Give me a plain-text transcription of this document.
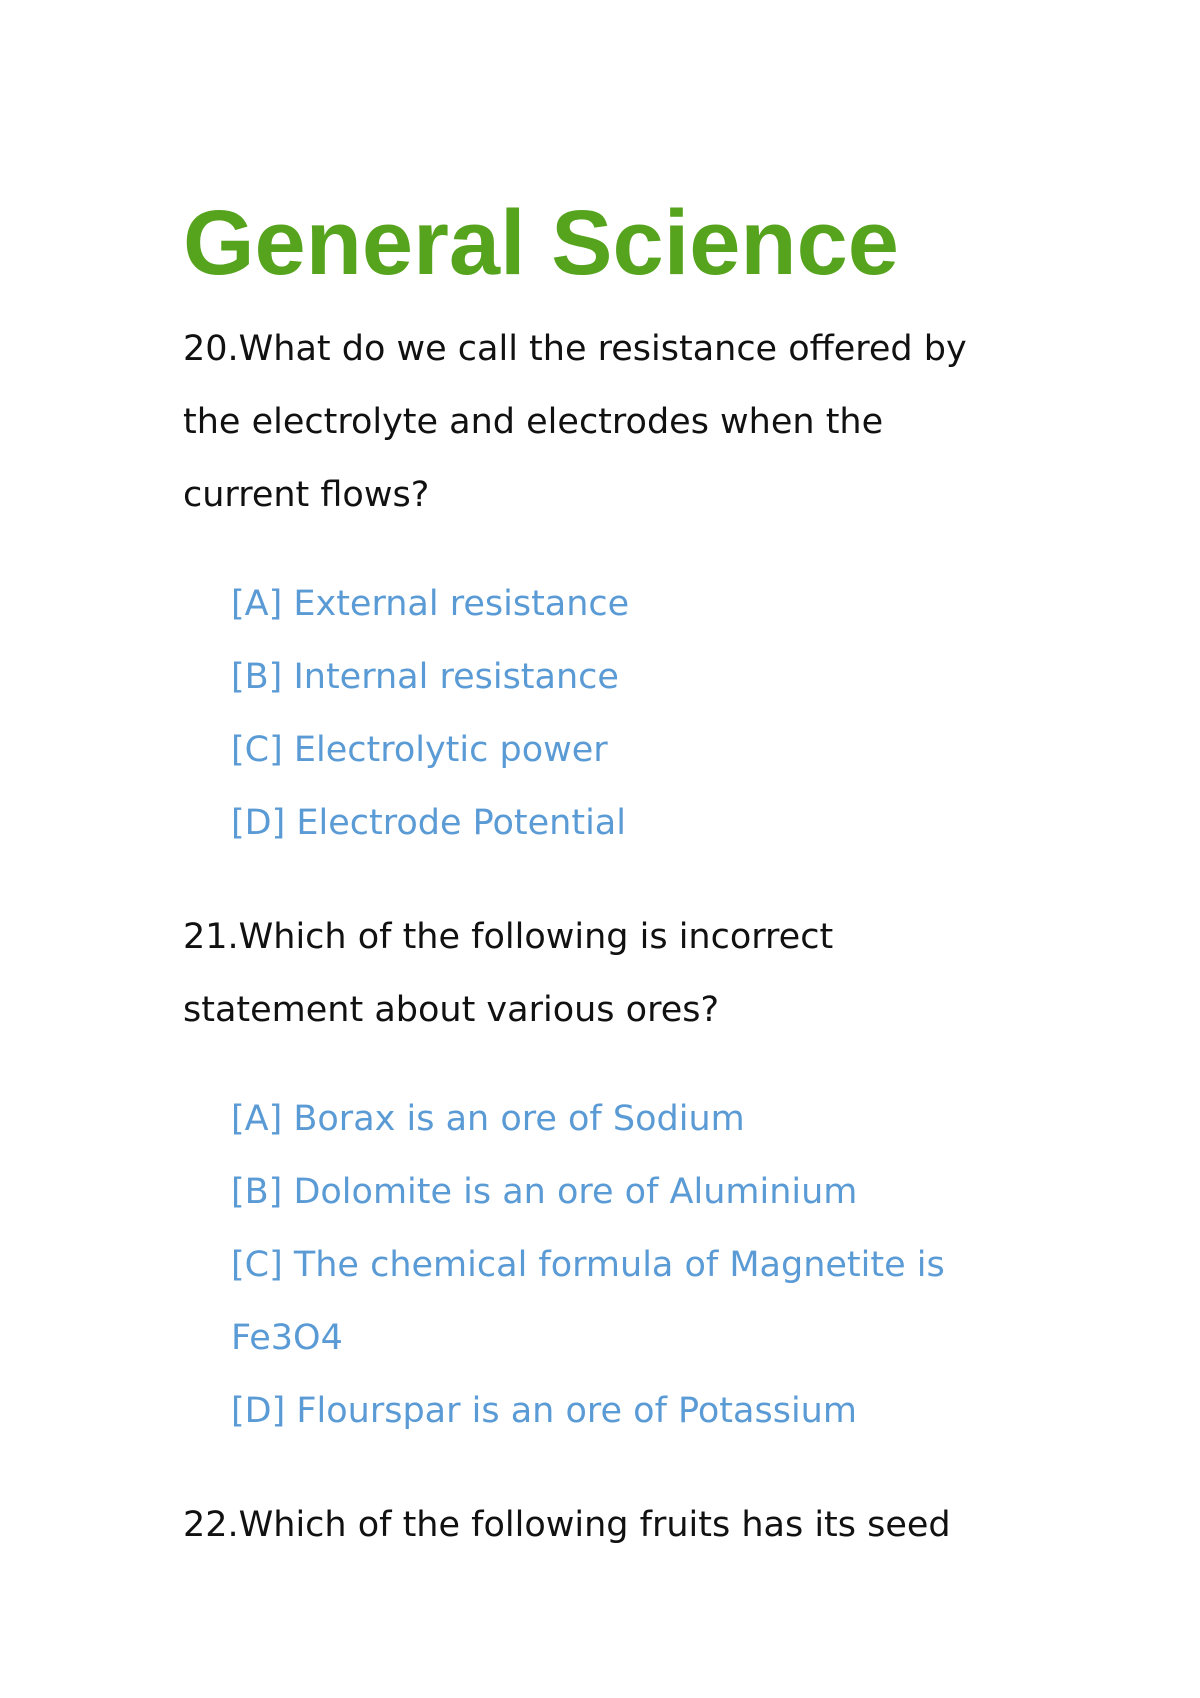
General Science

20.What do we call the resistance offered by the electrolyte and electrodes when the current flows?

[A] External resistance
[B] Internal resistance
[C] Electrolytic power
[D] Electrode Potential

21.Which of the following is incorrect statement about various ores?

[A] Borax is an ore of Sodium
[B] Dolomite is an ore of Aluminium
[C] The chemical formula of Magnetite is Fe3O4
[D] Flourspar is an ore of Potassium

22.Which of the following fruits has its seed
